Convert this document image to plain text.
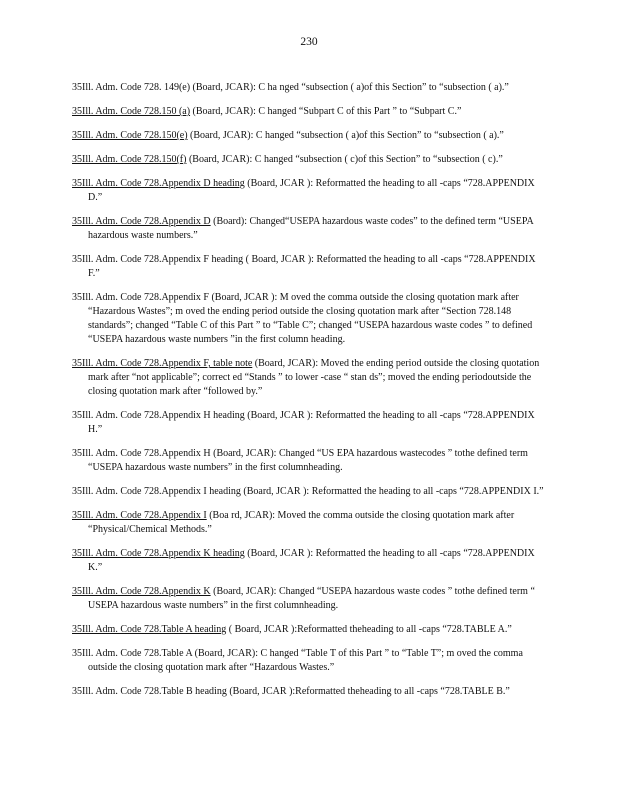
230

35Ill. Adm. Code 728. 149(e) (Board, JCAR): C ha nged “subsection ( a)of this Section” to “subsection ( a).”

35Ill. Adm. Code 728.150 (a) (Board, JCAR): C hanged “Subpart C of this Part ” to “Subpart C.”

35Ill. Adm. Code 728.150(e) (Board, JCAR): C hanged “subsection ( a)of this Section” to “subsection ( a).”

35Ill. Adm. Code 728.150(f) (Board, JCAR): C hanged “subsection ( c)of this Section” to “subsection ( c).”

35Ill. Adm. Code 728.Appendix D heading (Board, JCAR ): Reformatted the heading to all -caps “728.APPENDIX D.”

35Ill. Adm. Code 728.Appendix D (Board): Changed“USEPA hazardous waste codes” to the defined term “USEPA hazardous waste numbers.”

35Ill. Adm. Code 728.Appendix F heading ( Board, JCAR ): Reformatted the heading to all -caps “728.APPENDIX F.”

35Ill. Adm. Code 728.Appendix F (Board, JCAR ): M oved the comma outside the closing quotation mark after “Hazardous Wastes”; m oved the ending period outside the closing quotation mark after “Section 728.148 standards”; changed “Table C of this Part ” to “Table C”; changed “USEPA hazardous waste codes ” to defined “USEPA hazardous waste numbers ”in the first column heading.

35Ill. Adm. Code 728.Appendix F, table note (Board, JCAR): Moved the ending period outside the closing quotation mark after “not applicable”; correct ed “Stands ” to lower -case “ stan ds”; moved the ending periodoutside the closing quotation mark after “followed by.”

35Ill. Adm. Code 728.Appendix H heading (Board, JCAR ): Reformatted the heading to all -caps “728.APPENDIX H.”

35Ill. Adm. Code 728.Appendix H (Board, JCAR): Changed “US EPA hazardous wastecodes ” tothe defined term “USEPA hazardous waste numbers” in the first columnheading.

35Ill. Adm. Code 728.Appendix I heading (Board, JCAR ): Reformatted the heading to all -caps “728.APPENDIX I.”

35Ill. Adm. Code 728.Appendix I (Boa rd, JCAR): Moved the comma outside the closing quotation mark after “Physical/Chemical Methods.”

35Ill. Adm. Code 728.Appendix K heading (Board, JCAR ): Reformatted the heading to all -caps “728.APPENDIX K.”

35Ill. Adm. Code 728.Appendix K (Board, JCAR): Changed “USEPA hazardous waste codes ” tothe defined term “ USEPA hazardous waste numbers” in the first columnheading.

35Ill. Adm. Code 728.Table A heading ( Board, JCAR ):Reformatted theheading to all -caps “728.TABLE A.”

35Ill. Adm. Code 728.Table A (Board, JCAR): C hanged “Table T of this Part ” to “Table T”; m oved the comma outside the closing quotation mark after “Hazardous Wastes.”

35Ill. Adm. Code 728.Table B heading (Board, JCAR ):Reformatted theheading to all -caps “728.TABLE B.”
